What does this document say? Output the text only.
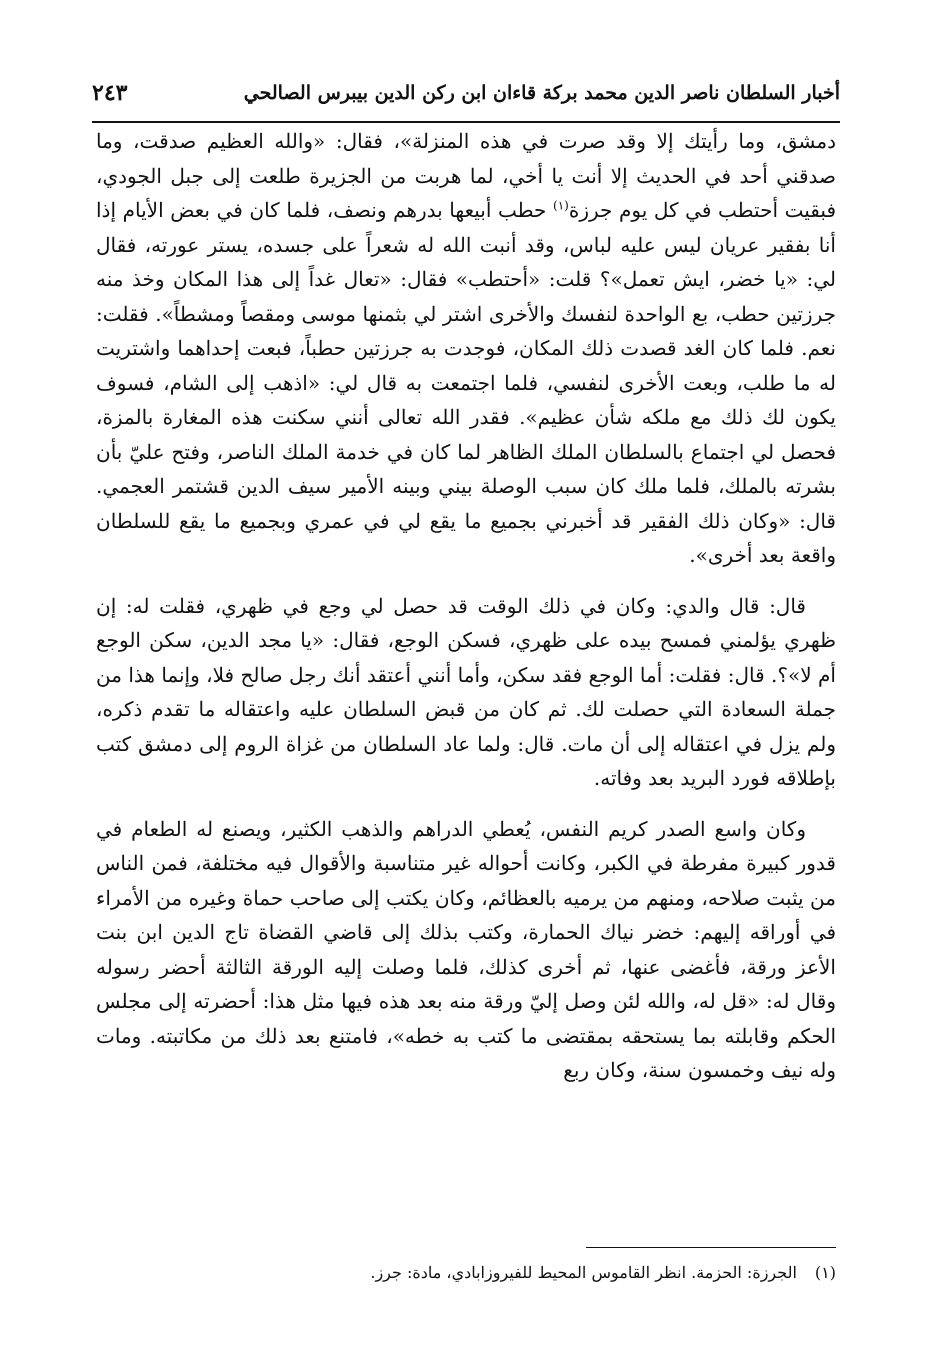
أخبار السلطان ناصر الدين محمد بركة قاءان ابن ركن الدين بيبرس الصالحي
٢٤٣

دمشق، وما رأيتك إلا وقد صرت في هذه المنزلة»، فقال: «والله العظيم صدقت، وما صدقني أحد في الحديث إلا أنت يا أخي، لما هربت من الجزيرة طلعت إلى جبل الجودي، فبقيت أحتطب في كل يوم جرزة$^{(١)}$ حطب أبيعها بدرهم ونصف، فلما كان في بعض الأيام إذا أنا بفقير عريان ليس عليه لباس، وقد أنبت الله له شعراً على جسده، يستر عورته، فقال لي: «يا خضر، ايش تعمل»؟ قلت: «أحتطب» فقال: «تعال غداً إلى هذا المكان وخذ منه جرزتين حطب، بع الواحدة لنفسك والأخرى اشتر لي بثمنها موسى ومقصاً ومشطاً». فقلت: نعم. فلما كان الغد قصدت ذلك المكان، فوجدت به جرزتين حطباً، فبعت إحداهما واشتريت له ما طلب، وبعت الأخرى لنفسي، فلما اجتمعت به قال لي: «اذهب إلى الشام، فسوف يكون لك ذلك مع ملكه شأن عظيم». فقدر الله تعالى أنني سكنت هذه المغارة بالمزة، فحصل لي اجتماع بالسلطان الملك الظاهر لما كان في خدمة الملك الناصر، وفتح عليّ بأن بشرته بالملك، فلما ملك كان سبب الوصلة بيني وبينه الأمير سيف الدين قشتمر العجمي. قال: «وكان ذلك الفقير قد أخبرني بجميع ما يقع لي في عمري وبجميع ما يقع للسلطان واقعة بعد أخرى».

قال: قال والدي: وكان في ذلك الوقت قد حصل لي وجع في ظهري، فقلت له: إن ظهري يؤلمني فمسح بيده على ظهري، فسكن الوجع، فقال: «يا مجد الدين، سكن الوجع أم لا»؟. قال: فقلت: أما الوجع فقد سكن، وأما أنني أعتقد أنك رجل صالح فلا، وإنما هذا من جملة السعادة التي حصلت لك. ثم كان من قبض السلطان عليه واعتقاله ما تقدم ذكره، ولم يزل في اعتقاله إلى أن مات. قال: ولما عاد السلطان من غزاة الروم إلى دمشق كتب بإطلاقه فورد البريد بعد وفاته.

وكان واسع الصدر كريم النفس، يُعطي الدراهم والذهب الكثير، ويصنع له الطعام في قدور كبيرة مفرطة في الكبر، وكانت أحواله غير متناسبة والأقوال فيه مختلفة، فمن الناس من يثبت صلاحه، ومنهم من يرميه بالعظائم، وكان يكتب إلى صاحب حماة وغيره من الأمراء في أوراقه إليهم: خضر نياك الحمارة، وكتب بذلك إلى قاضي القضاة تاج الدين ابن بنت الأعز ورقة، فأغضى عنها، ثم أخرى كذلك، فلما وصلت إليه الورقة الثالثة أحضر رسوله وقال له: «قل له، والله لئن وصل إليّ ورقة منه بعد هذه فيها مثل هذا: أحضرته إلى مجلس الحكم وقابلته بما يستحقه بمقتضى ما كتب به خطه»، فامتنع بعد ذلك من مكاتبته. ومات وله نيف وخمسون سنة، وكان ربع

(١)الجرزة: الحزمة. انظر القاموس المحيط للفيروزابادي، مادة: جرز.
